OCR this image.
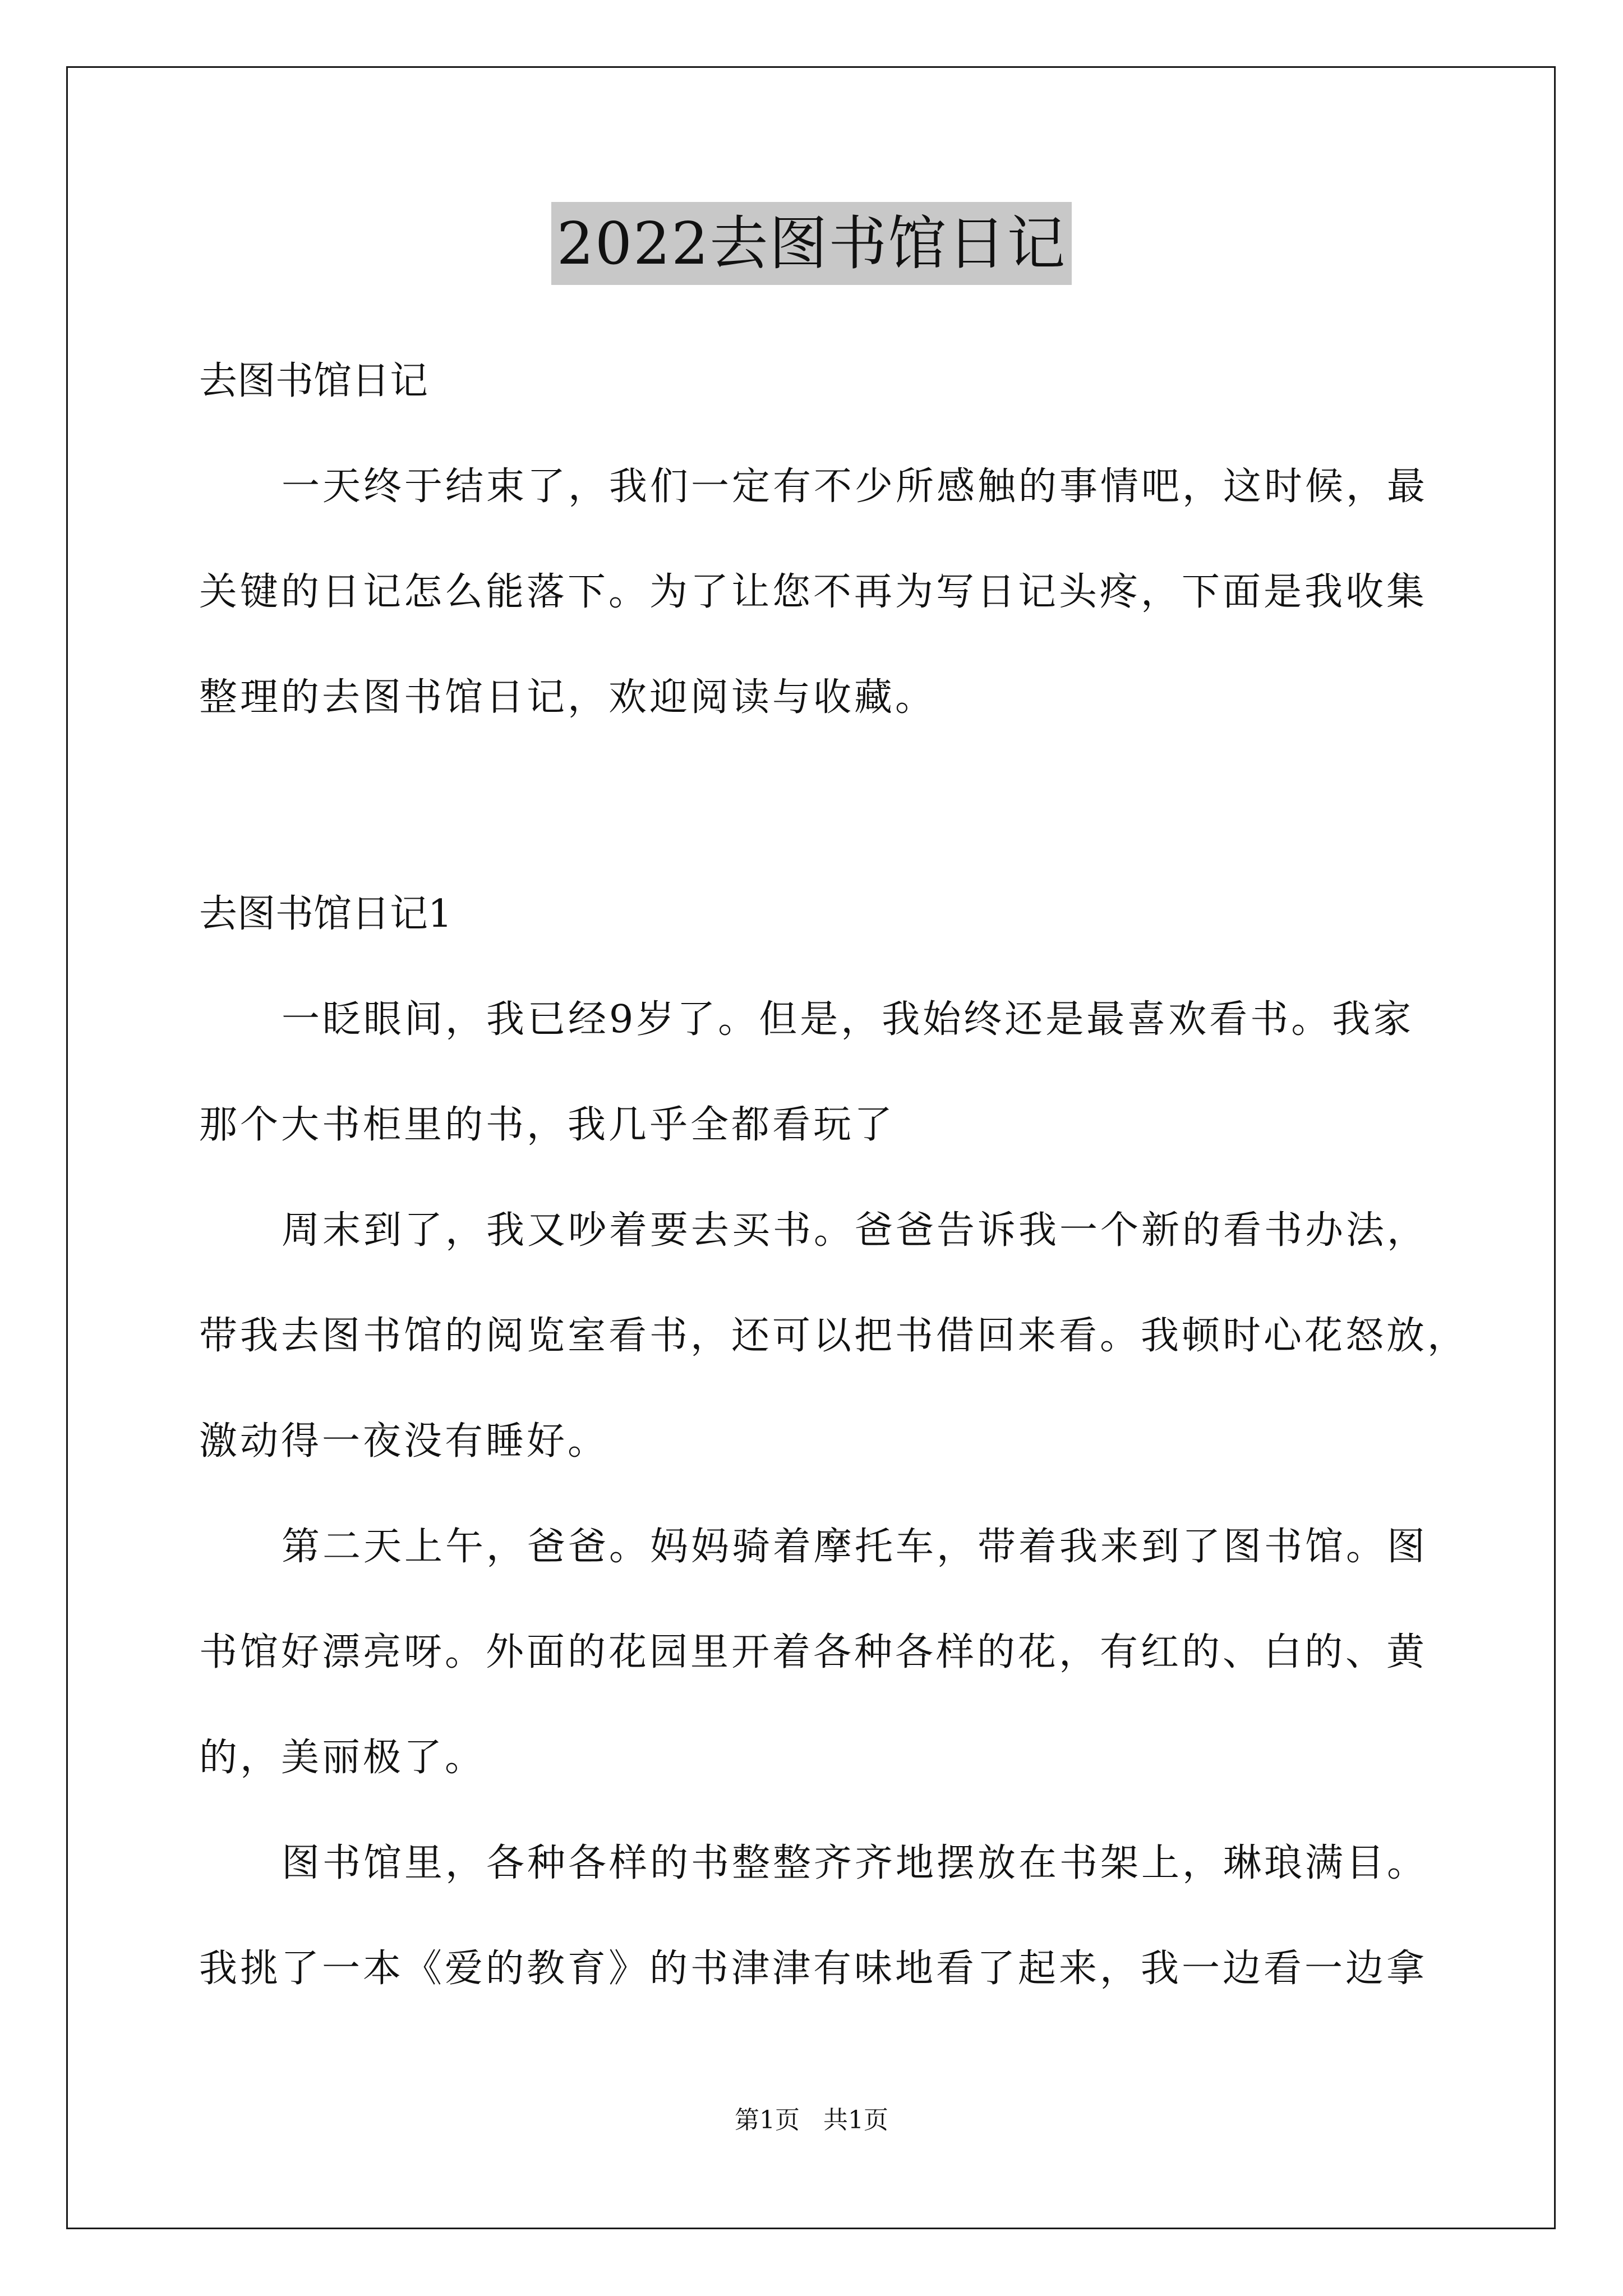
2022去图书馆日记
去图书馆日记
一天终于结束了，我们一定有不少所感触的事情吧，这时候，最
关键的日记怎么能落下。为了让您不再为写日记头疼，下面是我收集
整理的去图书馆日记，欢迎阅读与收藏。
去图书馆日记1
一眨眼间，我已经9岁了。但是，我始终还是最喜欢看书。我家
那个大书柜里的书，我几乎全都看玩了
周末到了，我又吵着要去买书。爸爸告诉我一个新的看书办法，
带我去图书馆的阅览室看书，还可以把书借回来看。我顿时心花怒放，
激动得一夜没有睡好。
第二天上午，爸爸。妈妈骑着摩托车，带着我来到了图书馆。图
书馆好漂亮呀。外面的花园里开着各种各样的花，有红的、白的、黄
的，美丽极了。
图书馆里，各种各样的书整整齐齐地摆放在书架上，琳琅满目。
我挑了一本《爱的教育》的书津津有味地看了起来，我一边看一边拿
第1页   共1页
